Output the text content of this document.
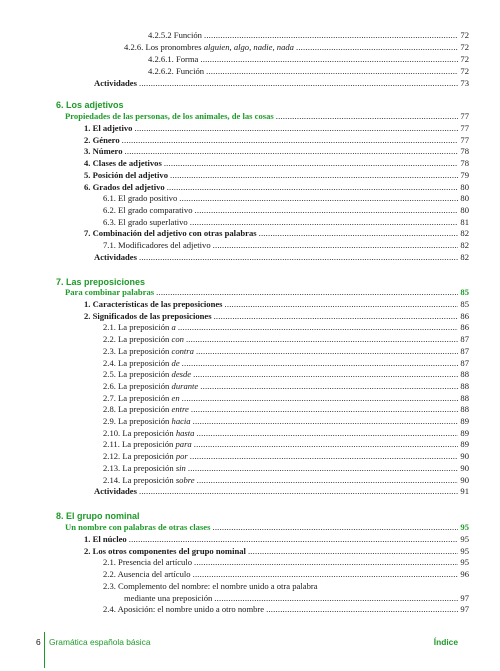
4.2.5.2 Función .....	72
4.2.6. Los pronombres alguien, algo, nadie, nada .....	72
4.2.6.1. Forma .....	72
4.2.6.2. Función .....	72
Actividades .....	73
6. Los adjetivos
Propiedades de las personas, de los animales, de las cosas .....	77
1. El adjetivo .....	77
2. Género .....	77
3. Número .....	78
4. Clases de adjetivos .....	78
5. Posición del adjetivo .....	79
6. Grados del adjetivo .....	80
6.1. El grado positivo .....	80
6.2. El grado comparativo .....	80
6.3. El grado superlativo .....	81
7. Combinación del adjetivo con otras palabras .....	82
7.1. Modificadores del adjetivo .....	82
Actividades .....	82
7. Las preposiciones
Para combinar palabras .....	85
1. Características de las preposiciones .....	85
2. Significados de las preposiciones .....	86
2.1. La preposición a .....	86
2.2. La preposición con .....	87
2.3. La preposición contra .....	87
2.4. La preposición de .....	87
2.5. La preposición desde .....	88
2.6. La preposición durante .....	88
2.7. La preposición en .....	88
2.8. La preposición entre .....	88
2.9. La preposición hacia .....	89
2.10. La preposición hasta .....	89
2.11. La preposición para .....	89
2.12. La preposición por .....	90
2.13. La preposición sin .....	90
2.14. La preposición sobre .....	90
Actividades .....	91
8. El grupo nominal
Un nombre con palabras de otras clases .....	95
1. El núcleo .....	95
2. Los otros componentes del grupo nominal .....	95
2.1. Presencia del artículo .....	95
2.2. Ausencia del artículo .....	96
2.3. Complemento del nombre: el nombre unido a otra palabra
mediante una preposición .....	97
2.4. Aposición: el nombre unido a otro nombre .....	97
6 Gramática española básica	Índice
